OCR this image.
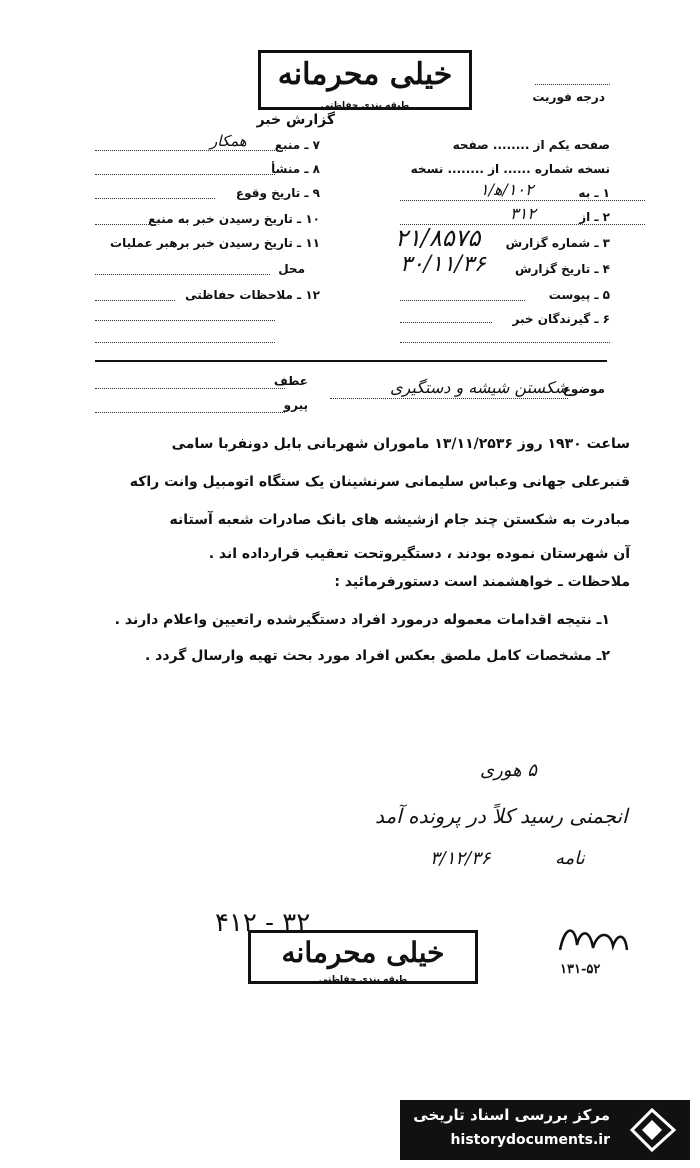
خیلی محرمانه
طبقه بندی حفاظتی
درجه فوریت
گزارش خبر
صفحه یکم از ........ صفحه
نسخه شماره ...... از ........ نسخه
۱ ـ به
۱۰۲/ه‍/۱
۲ ـ از
۳۱۲
۳ ـ شماره گزارش
۲۱/۸۵۷۵
۴ ـ تاریخ گزارش
۳۰/۱۱/۳۶
۵ ـ پیوست
۶ ـ گیرندگان خبر
۷ ـ منبع
همکار
۸ ـ منشأ
۹ ـ تاریخ وقوع
۱۰ ـ تاریخ رسیدن خبر به منبع
۱۱ ـ تاریخ رسیدن خبر برهبر عملیات
محل
۱۲ ـ ملاحظات حفاظتی
موضوع
شکستن شیشه و دستگیری
عطف
پیرو
ساعت ۱۹۳۰ روز ۱۳/۱۱/۲۵۳۶ ماموران شهربانی بابل دونفربا سامی
قنبرعلی جهانی وعباس سلیمانی سرنشینان یک ستگاه اتومبیل وانت راکه
مبادرت به شکستن چند جام ازشیشه های بانک صادرات شعبه آستانه
آن شهرستان نموده بودند ، دستگیروتحت تعقیب قرارداده اند .
ملاحظات ـ خواهشمند است دستورفرمائید :
۱ـ نتیجه اقدامات معموله درمورد افراد دستگیرشده راتعیین واعلام دارند .
۲ـ مشخصات کامل ملصق بعکس افراد مورد بحث تهیه وارسال گردد .
۵ هوری
انجمنی رسید کلاً در پرونده آمد
نامه
۳/۱۲/۳۶
۳۲ - ۴۱۲
خیلی محرمانه
طبقه بندی حفاظتی
۱۳۱-۵۲
مرکز بررسی اسناد تاریخی
historydocuments.ir
